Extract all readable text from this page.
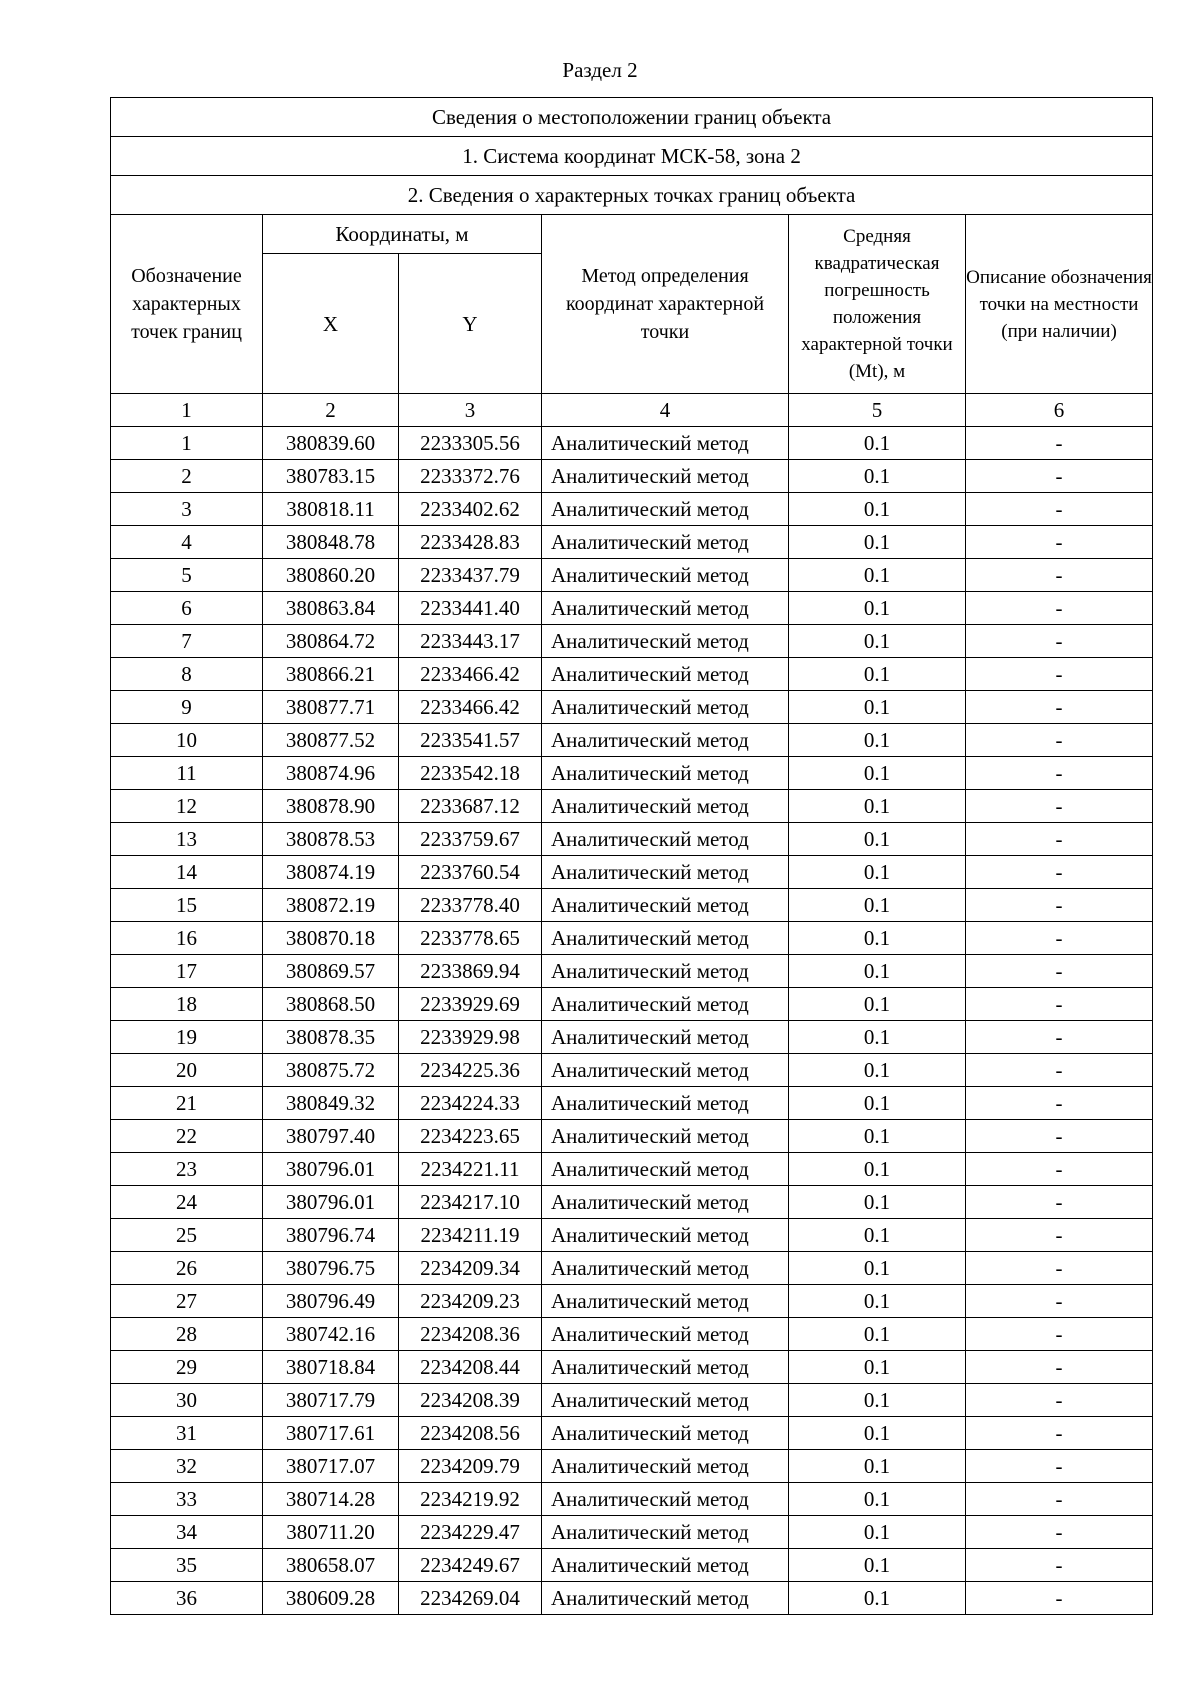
Раздел 2
Сведения о местоположении границ объекта					
1. Система координат МСК-58, зона 2					
2. Сведения о характерных точках границ объекта					
Обозначение характерных точек границ	Координаты, м		Метод определения координат характерной точки	Средняя квадратическая погрешность положения характерной точки (Mt), м	Описание обозначения точки на местности (при наличии)
	X	Y			
1	2	3	4	5	6
1	380839.60	2233305.56	Аналитический метод	0.1	-
2	380783.15	2233372.76	Аналитический метод	0.1	-
3	380818.11	2233402.62	Аналитический метод	0.1	-
4	380848.78	2233428.83	Аналитический метод	0.1	-
5	380860.20	2233437.79	Аналитический метод	0.1	-
6	380863.84	2233441.40	Аналитический метод	0.1	-
7	380864.72	2233443.17	Аналитический метод	0.1	-
8	380866.21	2233466.42	Аналитический метод	0.1	-
9	380877.71	2233466.42	Аналитический метод	0.1	-
10	380877.52	2233541.57	Аналитический метод	0.1	-
11	380874.96	2233542.18	Аналитический метод	0.1	-
12	380878.90	2233687.12	Аналитический метод	0.1	-
13	380878.53	2233759.67	Аналитический метод	0.1	-
14	380874.19	2233760.54	Аналитический метод	0.1	-
15	380872.19	2233778.40	Аналитический метод	0.1	-
16	380870.18	2233778.65	Аналитический метод	0.1	-
17	380869.57	2233869.94	Аналитический метод	0.1	-
18	380868.50	2233929.69	Аналитический метод	0.1	-
19	380878.35	2233929.98	Аналитический метод	0.1	-
20	380875.72	2234225.36	Аналитический метод	0.1	-
21	380849.32	2234224.33	Аналитический метод	0.1	-
22	380797.40	2234223.65	Аналитический метод	0.1	-
23	380796.01	2234221.11	Аналитический метод	0.1	-
24	380796.01	2234217.10	Аналитический метод	0.1	-
25	380796.74	2234211.19	Аналитический метод	0.1	-
26	380796.75	2234209.34	Аналитический метод	0.1	-
27	380796.49	2234209.23	Аналитический метод	0.1	-
28	380742.16	2234208.36	Аналитический метод	0.1	-
29	380718.84	2234208.44	Аналитический метод	0.1	-
30	380717.79	2234208.39	Аналитический метод	0.1	-
31	380717.61	2234208.56	Аналитический метод	0.1	-
32	380717.07	2234209.79	Аналитический метод	0.1	-
33	380714.28	2234219.92	Аналитический метод	0.1	-
34	380711.20	2234229.47	Аналитический метод	0.1	-
35	380658.07	2234249.67	Аналитический метод	0.1	-
36	380609.28	2234269.04	Аналитический метод	0.1	-
